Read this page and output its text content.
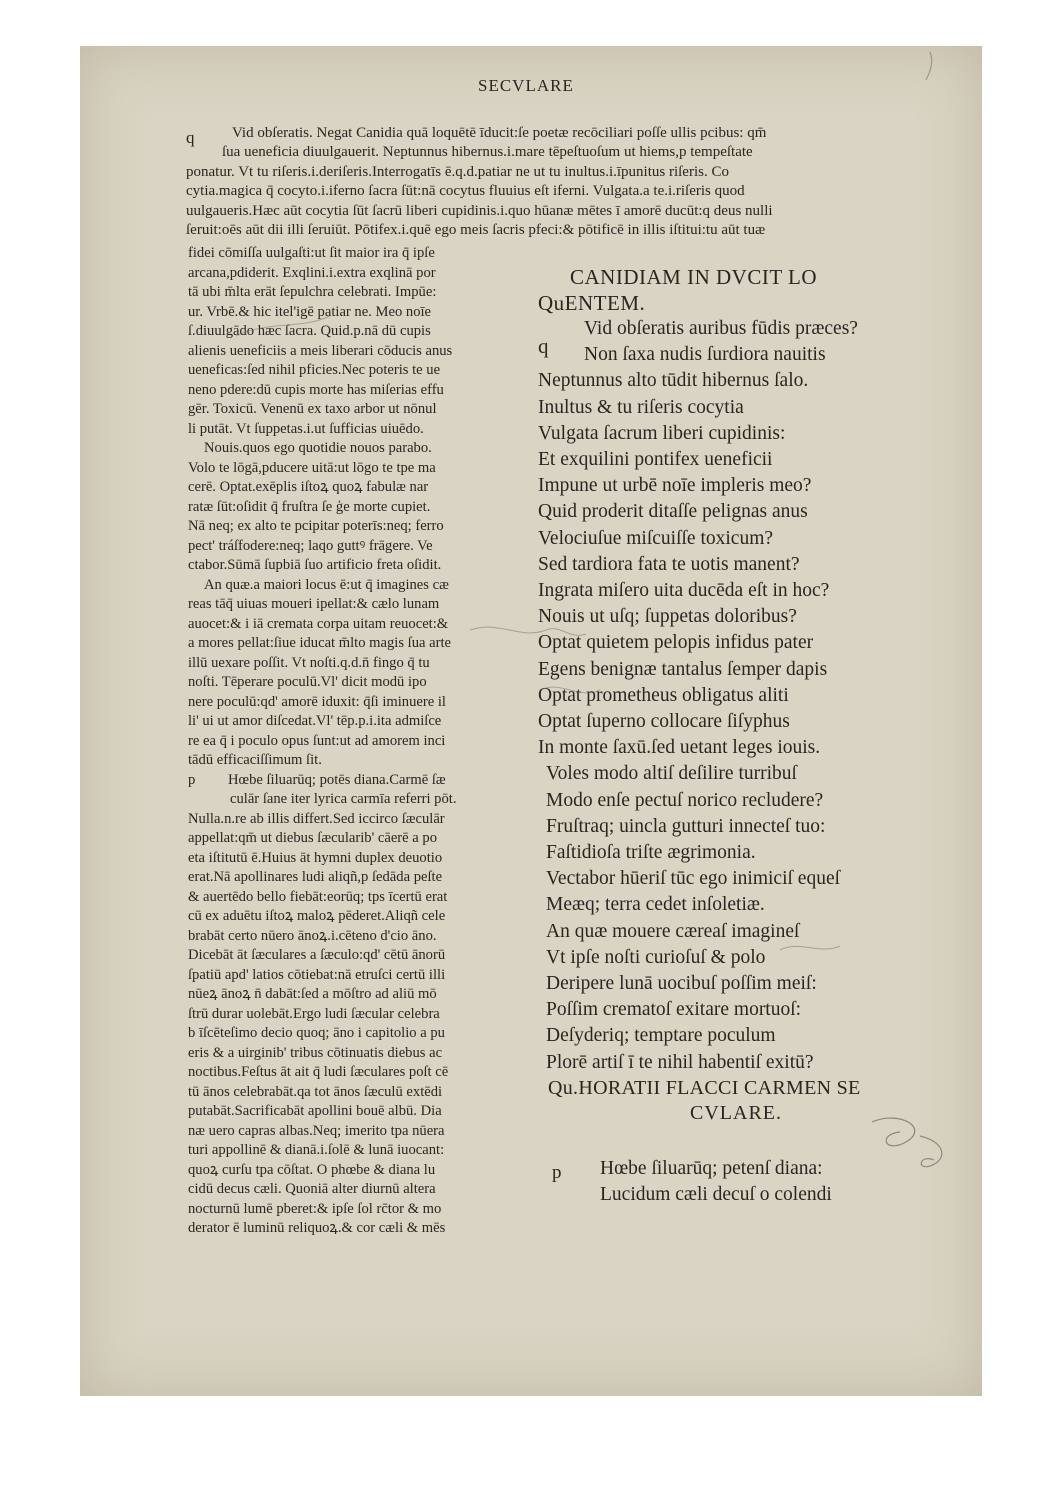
SECVLARE
q	Vid obſeratis. Negat Canidia quā loquētē īducit:ſe poetæ recōciliari poſſe ullis pcibus: qm̄
ſua ueneficia diuulgauerit. Neptunnus hibernus.i.mare tēpeſtuoſum ut hiems,p tempeſtate
ponatur. Vt tu riſeris.i.deriſeris.Interrogatīs ē.q.d.patiar ne ut tu inultus.i.īpunitus riſeris. Co
cytia.magica q̄ cocyto.i.iferno ſacra ſūt:nā cocytus fluuius eſt iferni. Vulgata.a te.i.riſeris quod
uulgaueris.Hæc aūt cocytia ſūt ſacrū liberi cupidinis.i.quo hūanæ mētes ī amorē ducūt:q deus nulli
ſeruit:oēs aūt dii illi ſeruiūt. Pōtifex.i.quē ego meis ſacris pfeci:& pōtificē in illis iſtitui:tu aūt tuæ
fidei cōmiſſa uulgaſti:ut ſit maior ira q̄ ipſe
arcana,pdiderit. Exqlini.i.extra exqlinā por
tā ubi m̄lta erāt ſepulchra celebrati. Impūe:
ur. Vrbē.& hic itel'igē patiar ne. Meo noīe
ſ.diuulgādo hæc ſacra. Quid.p.nā dū cupis
alienis ueneficiis a meis liberari cōducis anus
ueneficas:ſed nihil pficies.Nec poteris te ue
neno pdere:dū cupis morte has miſerias effu
gēr. Toxicū. Venenū ex taxo arbor ut nōnul
li putāt. Vt ſuppetas.i.ut ſufficias uiuēdo.
Nouis.quos ego quotidie nouos parabo.
Volo te lōgā,pducere uitā:ut lōgo te tpe ma
cerē. Optat.exēplis iſtoꝝ quoꝝ fabulæ nar
ratæ ſūt:oſidit q̄ fruſtra ſe ģe morte cupiet.
Nā neq; ex alto te pcipitar poterīs:neq; ferro
pect' tráſfodere:neq; laqo guttꝰ frāgere. Ve
ctabor.Sūmā ſupbiā ſuo artificio freta oſidit.
An quæ.a maiori locus ē:ut q̄ imagines cæ
reas tāq̄ uiuas moueri ipellat:& cælo lunam
auocet:& i iā cremata corpa uitam reuocet:&
a mores pellat:ſiue iducat m̄lto magis ſua arte
illū uexare poſſit. Vt noſti.q.d.n̄ fingo q̄ tu
noſti. Tēperare poculū.Vl' dicit modū ipo
nere poculū:qd' amorē iduxit: q̄ſi iminuere il
li' ui ut amor diſcedat.Vl' tēp.p.i.ita admiſce
re ea q̄ i poculo opus ſunt:ut ad amorem inci
tādū efficaciſſimum ſit.
p Hœbe ſiluarūq; potēs diana.Carmē ſæ
culār ſane iter lyrica carmīa referri pōt.
Nulla.n.re ab illis differt.Sed iccirco ſæculār
appellat:qm̄ ut diebus ſæcularib' cāerē a po
eta iſtitutū ē.Huius āt hymni duplex deuotio
erat.Nā apollinares ludi aliqñ,p ſedāda peſte
& auertēdo bello fiebāt:eorūq; tps īcertū erat
cū ex aduētu iſtoꝝ maloꝝ pēderet.Aliqñ cele
brabāt certo nūero ānoꝝ.i.cēteno d'cio āno.
Dicebāt āt ſæculares a ſæculo:qd' cētū ānorū
ſpatiū apd' latios cōtiebat:nā etruſci certū illi
nūeꝝ ānoꝝ n̄ dabāt:ſed a mōſtro ad aliū mō
ſtrū durar uolebāt.Ergo ludi ſæcular celebra
b īſcēteſimo decio quoq; āno i capitolio a pu
eris & a uirginib' tribus cōtinuatis diebus ac
noctibus.Feſtus āt ait q̄ ludi ſæculares poſt cē
tū ānos celebrabāt.qa tot ānos ſæculū extēdi
putabāt.Sacrificabāt apollini bouē albū. Dia
næ uero capras albas.Neq; imerito tpa nūera
turi appollinē & dianā.i.ſolē & lunā iuocant:
quoꝝ curſu tpa cōſtat. O phœbe & diana lu
cidū decus cæli. Quoniā alter diurnū altera
nocturnū lumē pberet:& ipſe ſol rc̄tor & mo
derator ē luminū reliquoꝝ.& cor cæli & mēs
q
CANIDIAM IN DVCIT LO
QuENTEM.
Vid obſeratis auribus fūdis præces?
Non ſaxa nudis ſurdiora nauitis
Neptunnus alto tūdit hibernus ſalo.
Inultus & tu riſeris cocytia
Vulgata ſacrum liberi cupidinis:
Et exquilini pontifex ueneficii
Impune ut urbē noīe impleris meo?
Quid proderit ditaſſe pelignas anus
Velociuſue miſcuiſſe toxicum?
Sed tardiora fata te uotis manent?
Ingrata miſero uita ducēda eſt in hoc?
Nouis ut uſq; ſuppetas doloribus?
Optat quietem pelopis infidus pater
Egens benignæ tantalus ſemper dapis
Optat prometheus obligatus aliti
Optat ſuperno collocare ſiſyphus
In monte ſaxū.ſed uetant leges iouis.
Voles modo altiſ deſilire turribuſ
Modo enſe pectuſ norico recludere?
Fruſtraq; uincla gutturi innecteſ tuo:
Faſtidioſa triſte ægrimonia.
Vectabor hūeriſ tūc ego inimiciſ equeſ
Meæq; terra cedet inſoletiæ.
An quæ mouere cæreaſ imagineſ
Vt ipſe noſti curioſuſ & polo
Deripere lunā uocibuſ poſſim meiſ:
Poſſim crematoſ exitare mortuoſ:
Deſyderiq; temptare poculum
Plorē artiſ ī te nihil habentiſ exitū?
Qu.HORATII FLACCI CARMEN SE
CVLARE.
p	Hœbe ſiluarūq; petenſ diana:
Lucidum cæli decuſ o colendi
